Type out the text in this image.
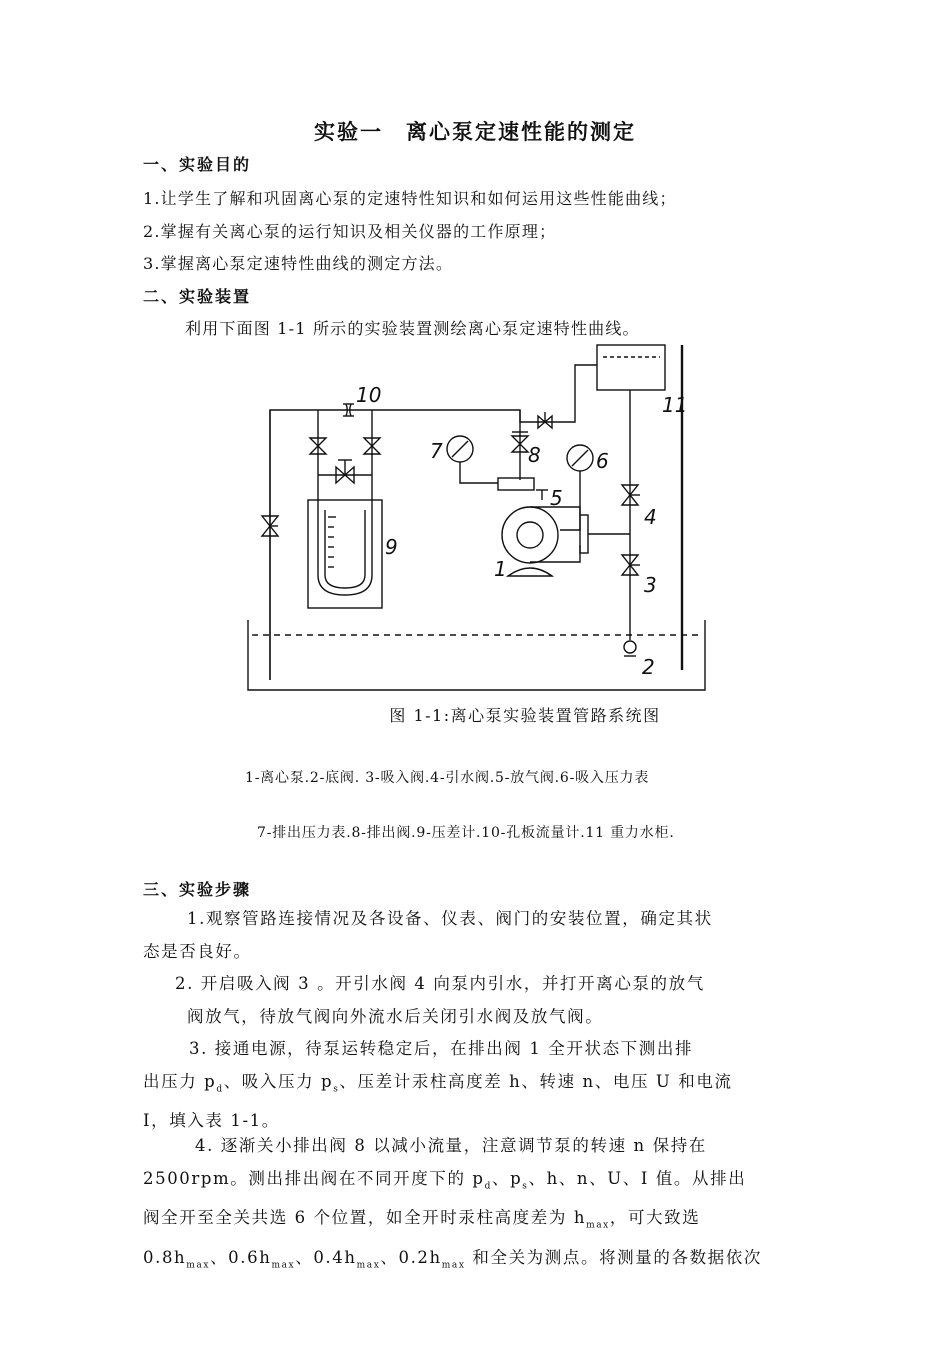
实验一　离心泵定速性能的测定
一、实验目的
1.让学生了解和巩固离心泵的定速特性知识和如何运用这些性能曲线；
2.掌握有关离心泵的运行知识及相关仪器的工作原理；
3.掌握离心泵定速特性曲线的测定方法。
二、实验装置
利用下面图 1-1 所示的实验装置测绘离心泵定速特性曲线。
10
7	8	6
5
9
4
1
3
2
11
图 1-1:离心泵实验装置管路系统图
1-离心泵.2-底阀. 3-吸入阀.4-引水阀.5-放气阀.6-吸入压力表
7-排出压力表.8-排出阀.9-压差计.10-孔板流量计.11 重力水柜.
三、实验步骤
1.观察管路连接情况及各设备、仪表、阀门的安装位置，确定其状
态是否良好。
2. 开启吸入阀 3 。开引水阀 4 向泵内引水，并打开离心泵的放气
阀放气，待放气阀向外流水后关闭引水阀及放气阀。
3. 接通电源，待泵运转稳定后，在排出阀 1 全开状态下测出排
出压力 $p_d$、吸入压力 $p_s$、压差计汞柱高度差 h、转速 n、电压 U 和电流
I，填入表 1-1。
4. 逐渐关小排出阀 8 以减小流量，注意调节泵的转速 n 保持在
2500rpm。测出排出阀在不同开度下的 $p_d$、$p_s$、h、n、U、I 值。从排出
阀全开至全关共选 6 个位置，如全开时汞柱高度差为 $h_{max}$，可大致选
$0.8h_{max}$、$0.6h_{max}$、$0.4h_{max}$、$0.2h_{max}$ 和全关为测点。将测量的各数据依次
